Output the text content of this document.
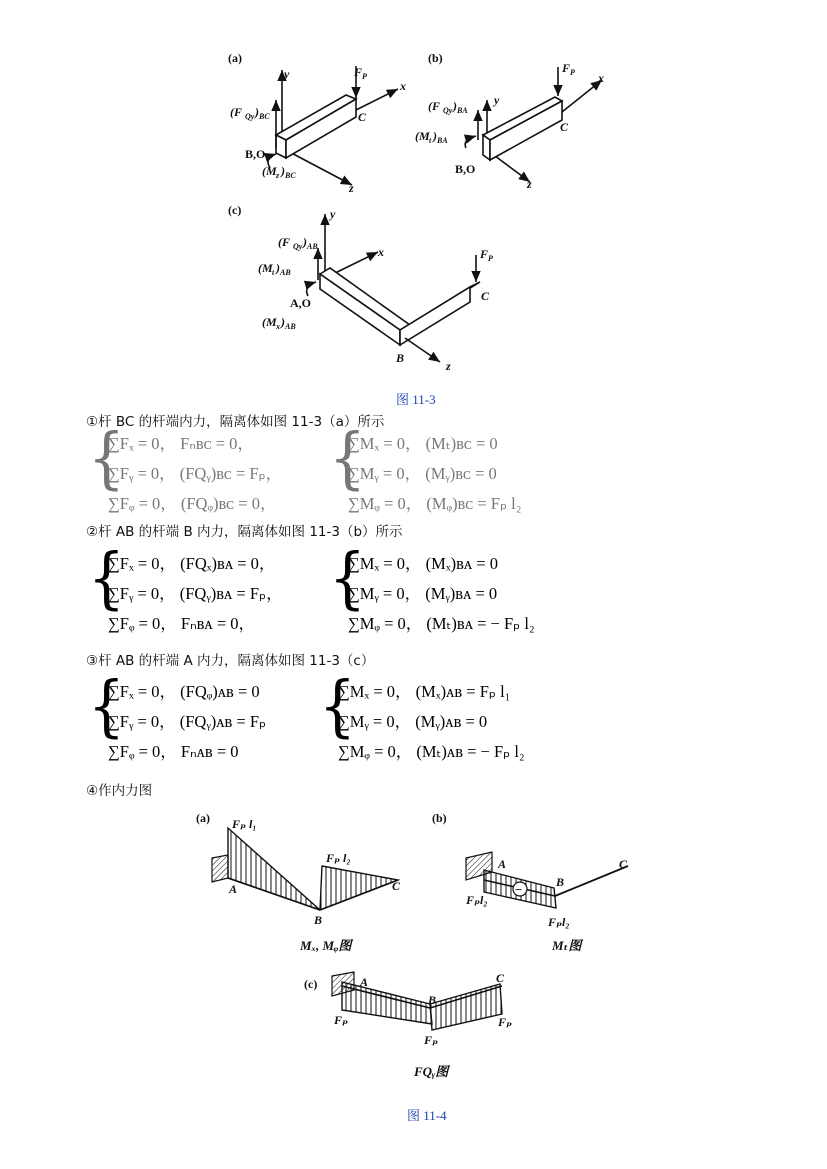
(a)
y
x
z
F P
(F Qy ) BC
B,O
C
(M z ) BC
(b)
y
x
z
F P
(F Qy ) BA
(M t ) BA
B,O
C
(c)	y
x
z
F P
(F Qy ) AB
(M t ) AB
A,O
(M x ) AB
B
C
图 11-3
①杆 BC 的杆端内力，隔离体如图 11-3（a）所示
{
∑Fₓ = 0， Fₙʙᴄ = 0，
∑Fᵧ = 0， (FQᵧ)ʙᴄ = Fₚ，
∑Fᵩ = 0， (FQᵩ)ʙᴄ = 0，
{
∑Mₓ = 0， (Mₜ)ʙᴄ = 0
∑Mᵧ = 0， (Mᵧ)ʙᴄ = 0
∑Mᵩ = 0， (Mᵩ)ʙᴄ = Fₚ l₂
②杆 AB 的杆端 B 内力，隔离体如图 11-3（b）所示
{
∑Fₓ = 0， (FQₓ)ʙᴀ = 0，
∑Fᵧ = 0， (FQᵧ)ʙᴀ = Fₚ，
∑Fᵩ = 0， Fₙʙᴀ = 0，
{
∑Mₓ = 0， (Mₓ)ʙᴀ = 0
∑Mᵧ = 0， (Mᵧ)ʙᴀ = 0
∑Mᵩ = 0， (Mₜ)ʙᴀ = − Fₚ l₂
③杆 AB 的杆端 A 内力，隔离体如图 11-3（c）
{
∑Fₓ = 0， (FQᵩ)ᴀʙ = 0
∑Fᵧ = 0， (FQᵧ)ᴀʙ = Fₚ
∑Fᵩ = 0， Fₙᴀʙ = 0
{
∑Mₓ = 0， (Mₓ)ᴀʙ = Fₚ l₁
∑Mᵧ = 0， (Mᵧ)ᴀʙ = 0
∑Mᵩ = 0， (Mₜ)ᴀʙ = − Fₚ l₂
④作内力图
(a) Fₚ l₁
Fₚ l₂
A
B
C
Mₓ, Mᵩ图
(b)
A
B
C
Fₚl₂
Fₚl₂
−
Mₜ图
(c)	A
B
C
Fₚ
Fₚ
Fₚ
FQᵧ图
图 11-4
